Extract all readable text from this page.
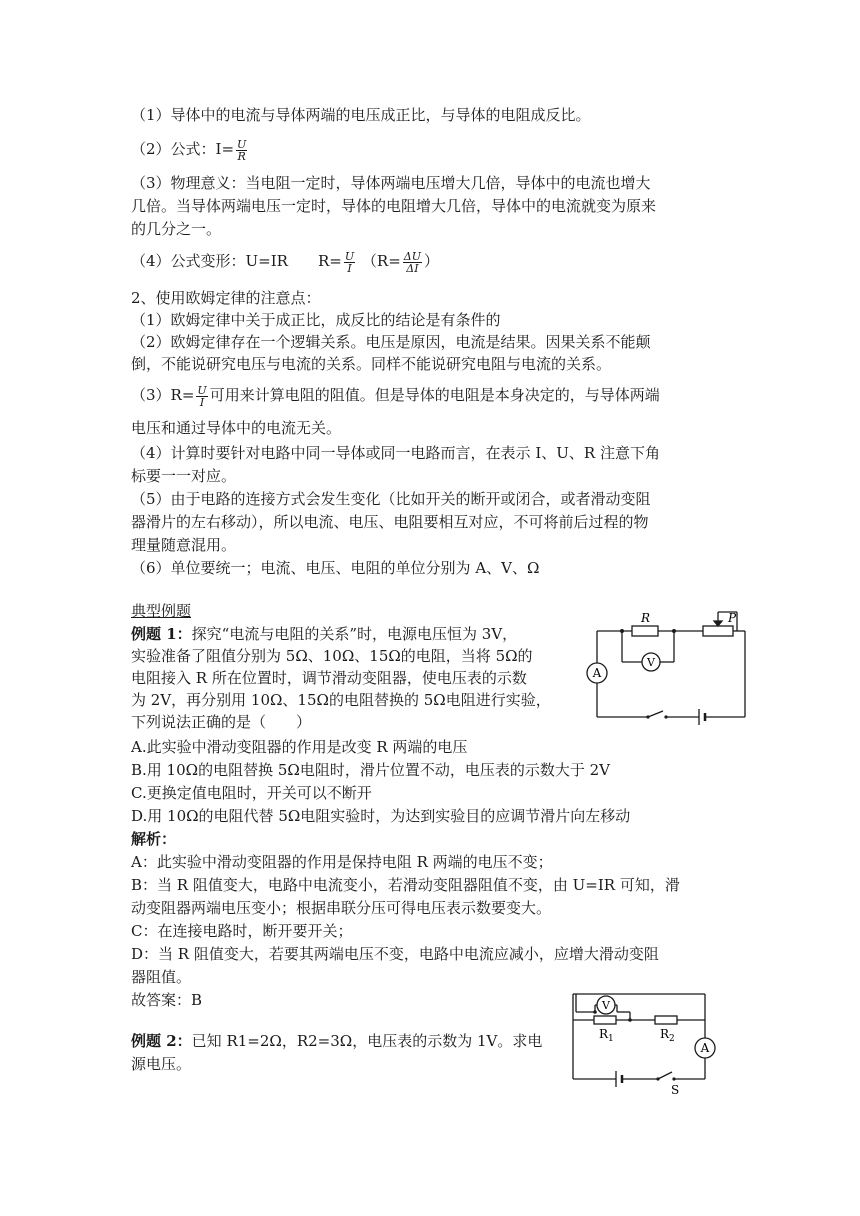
（1）导体中的电流与导体两端的电压成正比，与导体的电阻成反比。
（2）公式：$I= \frac{U}{R}$
（3）物理意义：当电阻一定时，导体两端电压增大几倍，导体中的电流也增大
几倍。当导体两端电压一定时，导体的电阻增大几倍，导体中的电流就变为原来
的几分之一。
（4）公式变形：U=IR $R= \frac{U}{I} (R= \frac{\Delta U}{\Delta I}$ ）
2、使用欧姆定律的注意点：
（1）欧姆定律中关于成正比，成反比的结论是有条件的
（2）欧姆定律存在一个逻辑关系。电压是原因，电流是结果。因果关系不能颠
倒，不能说研究电压与电流的关系。同样不能说研究电阻与电流的关系。
$(3)R= \frac{U}{I}$ 可用来计算电阻的阻值。但是导体的电阻是本身决定的，与导体两端
电压和通过导体中的电流无关。
（4）计算时要针对电路中同一导体或同一电路而言，在表示 I、U、R 注意下角
标要一一对应。
（5）由于电路的连接方式会发生变化（比如开关的断开或闭合，或者滑动变阻
器滑片的左右移动），所以电流、电压、电阻要相互对应，不可将前后过程的物
理量随意混用。
（6）单位要统一；电流、电压、电阻的单位分别为 A、V、Ω
典型例题
例题 1：探究“电流与电阻的关系”时，电源电压恒为 3V，
实验准备了阻值分别为 5Ω、10Ω、15Ω的电阻，当将 5Ω的
电阻接入 R 所在位置时，调节滑动变阻器，使电压表的示数
为 2V，再分别用 10Ω、15Ω的电阻替换的 5Ω电阻进行实验，
下列说法正确的是（　　）
A.此实验中滑动变阻器的作用是改变 R 两端的电压
B.用 10Ω的电阻替换 5Ω电阻时，滑片位置不动，电压表的示数大于 2V
C.更换定值电阻时，开关可以不断开
D.用 10Ω的电阻代替 5Ω电阻实验时，为达到实验目的应调节滑片向左移动
解析：
A：此实验中滑动变阻器的作用是保持电阻 R 两端的电压不变；
B：当 R 阻值变大，电路中电流变小，若滑动变阻器阻值不变，由 U=IR 可知，滑
动变阻器两端电压变小；根据串联分压可得电压表示数要变大。
C：在连接电路时，断开要开关；
D：当 R 阻值变大，若要其两端电压不变，电路中电流应减小，应增大滑动变阻
器阻值。
故答案：B
例题 2：已知 R1=2Ω，R2=3Ω，电压表的示数为 1V。求电
源电压。
R	P
V
A
V
A
$R_1$	$R_2$
S
